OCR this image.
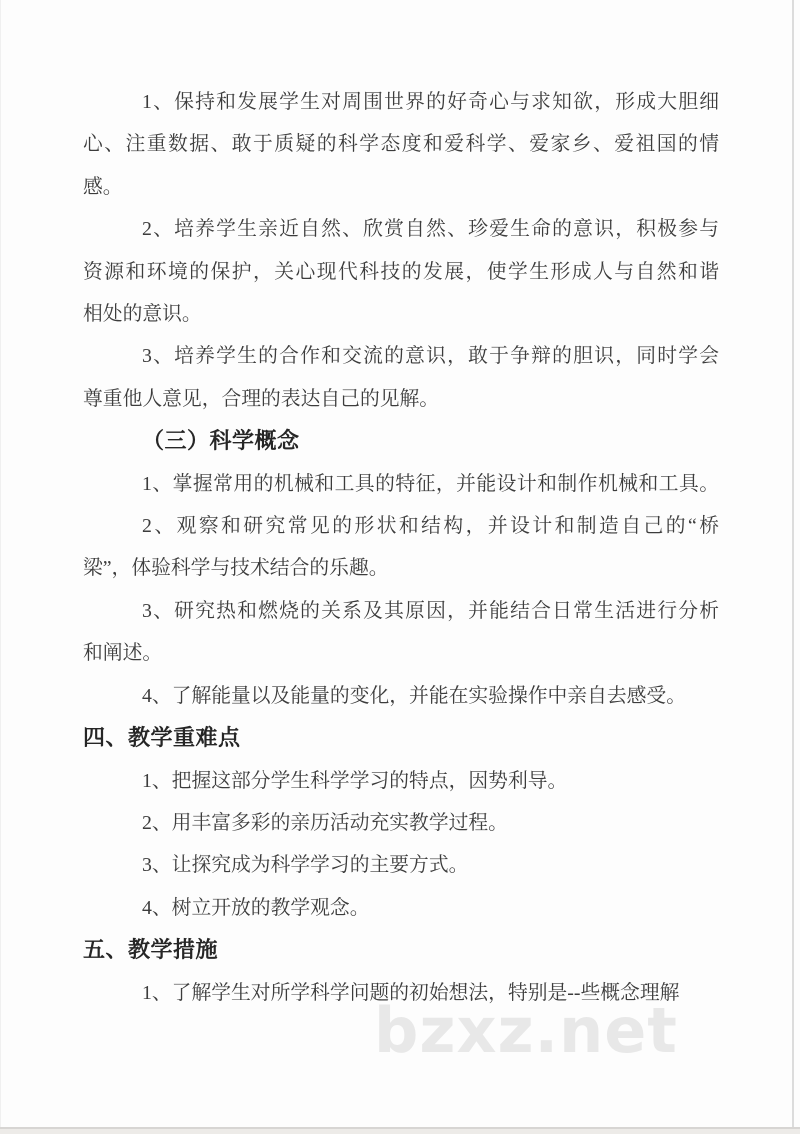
bzxz.net
1、保持和发展学生对周围世界的好奇心与求知欲，形成大胆细
心、注重数据、敢于质疑的科学态度和爱科学、爱家乡、爱祖国的情
感。
2、培养学生亲近自然、欣赏自然、珍爱生命的意识，积极参与
资源和环境的保护，关心现代科技的发展，使学生形成人与自然和谐
相处的意识。
3、培养学生的合作和交流的意识，敢于争辩的胆识，同时学会
尊重他人意见，合理的表达自己的见解。
（三）科学概念
1、掌握常用的机械和工具的特征，并能设计和制作机械和工具。
2、观察和研究常见的形状和结构，并设计和制造自己的“桥
梁”，体验科学与技术结合的乐趣。
3、研究热和燃烧的关系及其原因，并能结合日常生活进行分析
和阐述。
4、了解能量以及能量的变化，并能在实验操作中亲自去感受。
四、教学重难点
1、把握这部分学生科学学习的特点，因势利导。
2、用丰富多彩的亲历活动充实教学过程。
3、让探究成为科学学习的主要方式。
4、树立开放的教学观念。
五、教学措施
1、了解学生对所学科学问题的初始想法，特别是--些概念理解
